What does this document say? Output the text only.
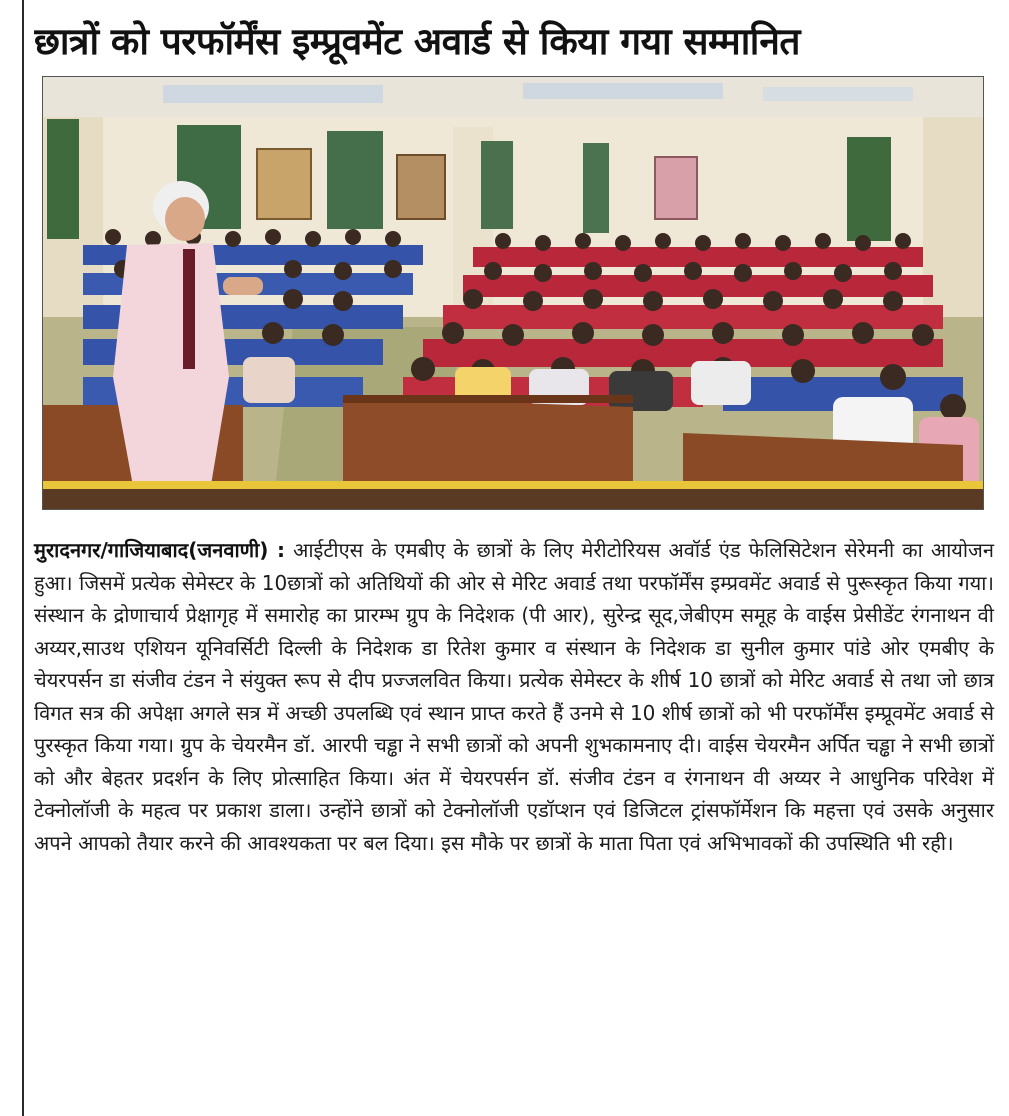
छात्रों को परफॉर्मेंस इम्प्रूवमेंट अवार्ड से किया गया सम्मानित

मुरादनगर/गाजियाबाद(जनवाणी) : आईटीएस के एमबीए के छात्रों के लिए मेरीटोरियस अवॉर्ड एंड फेलिसिटेशन सेरेमनी का आयोजन हुआ। जिसमें प्रत्येक सेमेस्टर के 10छात्रों को अतिथियों की ओर से मेरिट अवार्ड तथा परफॉर्मेंस इम्प्रवमेंट अवार्ड से पुरूस्कृत किया गया। संस्थान के द्रोणाचार्य प्रेक्षागृह में समारोह का प्रारम्भ ग्रुप के निदेशक (पी आर), सुरेन्द्र सूद,जेबीएम समूह के वाईस प्रेसीडेंट रंगनाथन वी अय्यर,साउथ एशियन यूनिवर्सिटी दिल्ली के निदेशक डा रितेश कुमार व संस्थान के निदेशक डा सुनील कुमार पांडे ओर एमबीए के चेयरपर्सन डा संजीव टंडन ने संयुक्त रूप से दीप प्रज्जलवित किया। प्रत्येक सेमेस्टर के शीर्ष 10 छात्रों को मेरिट अवार्ड से तथा जो छात्र विगत सत्र की अपेक्षा अगले सत्र में अच्छी उपलब्धि एवं स्थान प्राप्त करते हैं उनमे से 10 शीर्ष छात्रों को भी परफॉर्मेंस इम्प्रूवमेंट अवार्ड से पुरस्कृत किया गया। ग्रुप के चेयरमैन डॉ. आरपी चड्ढा ने सभी छात्रों को अपनी शुभकामनाए दी। वाईस चेयरमैन अर्पित चड्ढा ने सभी छात्रों को और बेहतर प्रदर्शन के लिए प्रोत्साहित किया। अंत में चेयरपर्सन डॉ. संजीव टंडन व रंगनाथन वी अय्यर ने आधुनिक परिवेश में टेक्नोलॉजी के महत्व पर प्रकाश डाला। उन्होंने छात्रों को टेक्नोलॉजी एडॉप्शन एवं डिजिटल ट्रांसफॉर्मेशन कि महत्ता एवं उसके अनुसार अपने आपको तैयार करने की आवश्यकता पर बल दिया। इस मौके पर छात्रों के माता पिता एवं अभिभावकों की उपस्थिति भी रही।
